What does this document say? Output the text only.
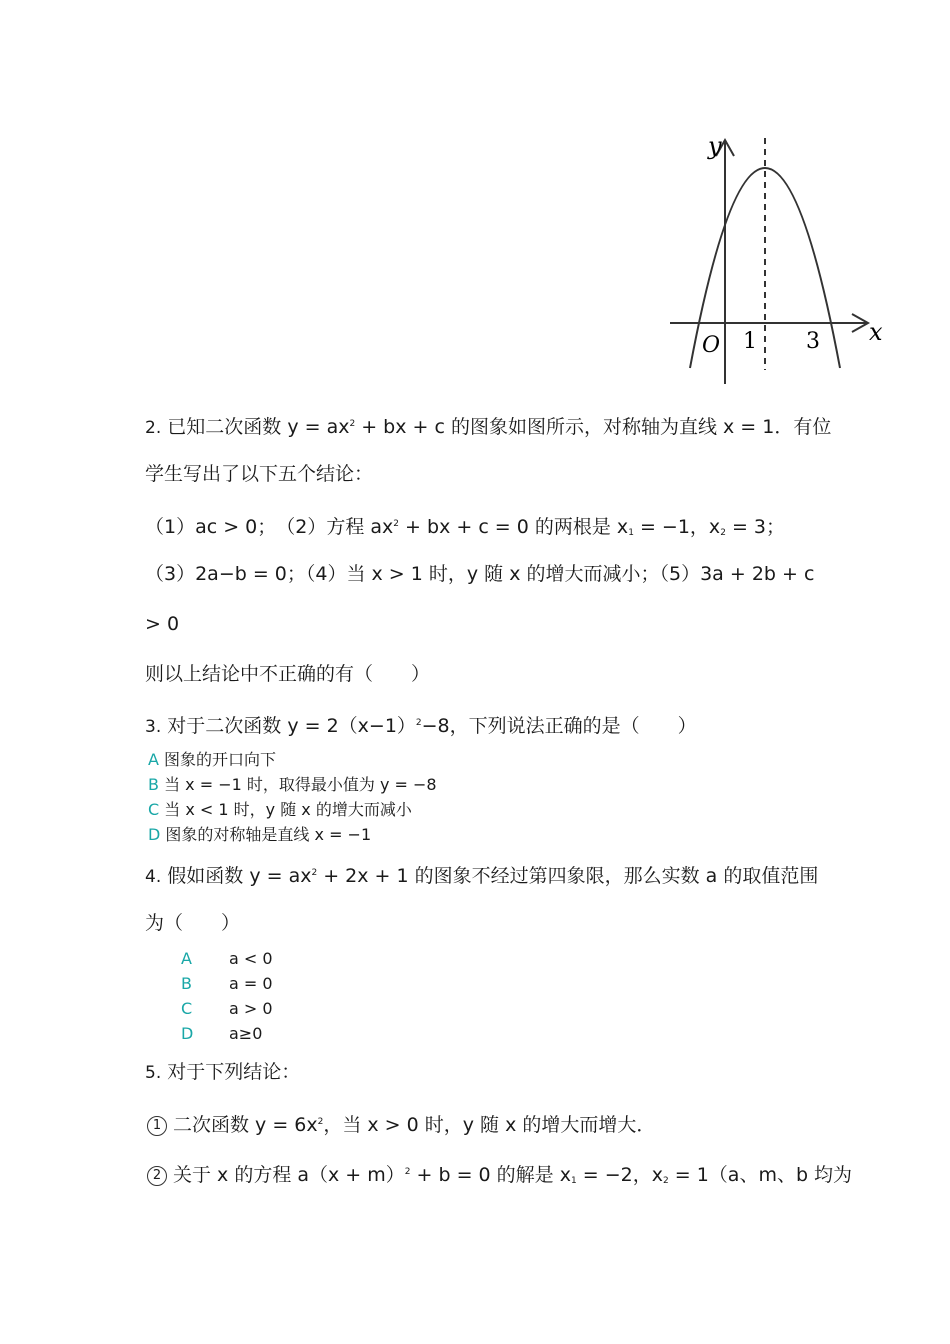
y
x
O 1 3
2. 已知二次函数 $y = ax^2$ + bx + c 的图象如图所示，对称轴为直线 x = 1．有位
学生写出了以下五个结论：
（1）ac > 0；　（2）方程 $ax^2$ + bx + c = 0 的两根是 $x_1 = -1$，$x_2 = 3$；
（3）2a−b = 0；（4）当 x > 1 时，y 随 x 的增大而减小；（5）3a + 2b + c
> 0
则以上结论中不正确的有（　　）
3. 对于二次函数 $y = 2(x-1)^2-8$，下列说法正确的是（　　）
A 图象的开口向下
B 当 x = −1 时，取得最小值为 y = −8
C 当 x < 1 时，y 随 x 的增大而减小
D 图象的对称轴是直线 x = −1
4. 假如函数 $y = ax^2 + 2x + 1$ 的图象不经过第四象限，那么实数 a 的取值范围
为（　　）
A a < 0
B a = 0
C a > 0
D a≥0
5. 对于下列结论：
1 二次函数 $y = 6x^2$，当 x > 0 时，y 随 x 的增大而增大．
2 关于 x 的方程 $a(x + m)^2 + b = 0$ 的解是 $x_1 = -2$，$x_2 = 1(a$、m、b 均为
